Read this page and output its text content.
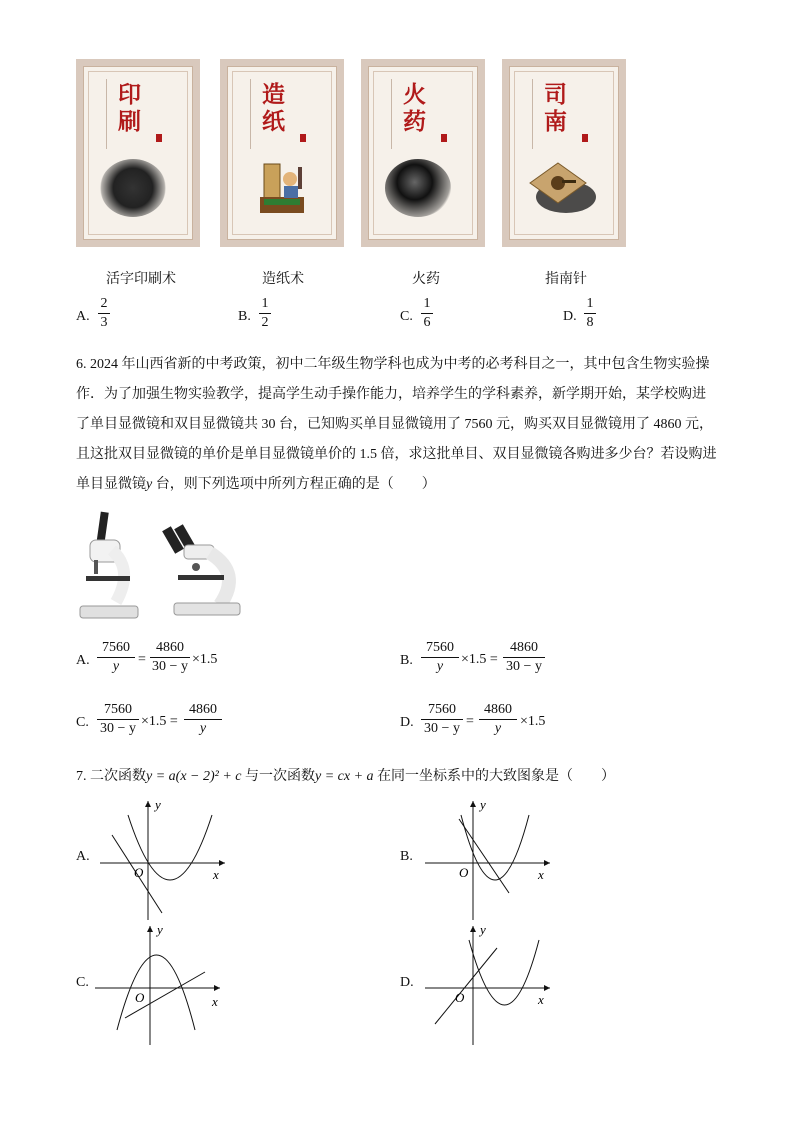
印
刷
造
纸
火
药
司
南
活字印刷术	造纸术	火药	指南针
A.
2
3	B.
1
2	C.
1
6	D.
1
8
6. 2024 年山西省新的中考政策，初中二年级生物学科也成为中考的必考科目之一，其中包含生物实验操
作．为了加强生物实验教学，提高学生动手操作能力，培养学生的学科素养，新学期开始，某学校购进
了单目显微镜和双目显微镜共 30 台，已知购买单目显微镜用了 7560 元，购买双目显微镜用了 4860 元，
且这批双目显微镜的单价是单目显微镜单价的 1.5 倍，求这批单目、双目显微镜各购进多少台？若设购进
单目显微镜y 台，则下列选项中所列方程正确的是（　　）
A.
7560
y	=
4860
30 − y ×1.5	B.
7560
y	×1.5 =
4860
30 − y
C.
7560
30 − y ×1.5 =
4860
y	D.
7560
30 − y =
4860
y	×1.5
7. 二次函数y = a(x − 2)² + c 与一次函数y = cx + a 在同一坐标系中的大致图象是（　　）
A.
y
x
O
B.
y
x
O
C.
y
x
O
D.
y
x
O
